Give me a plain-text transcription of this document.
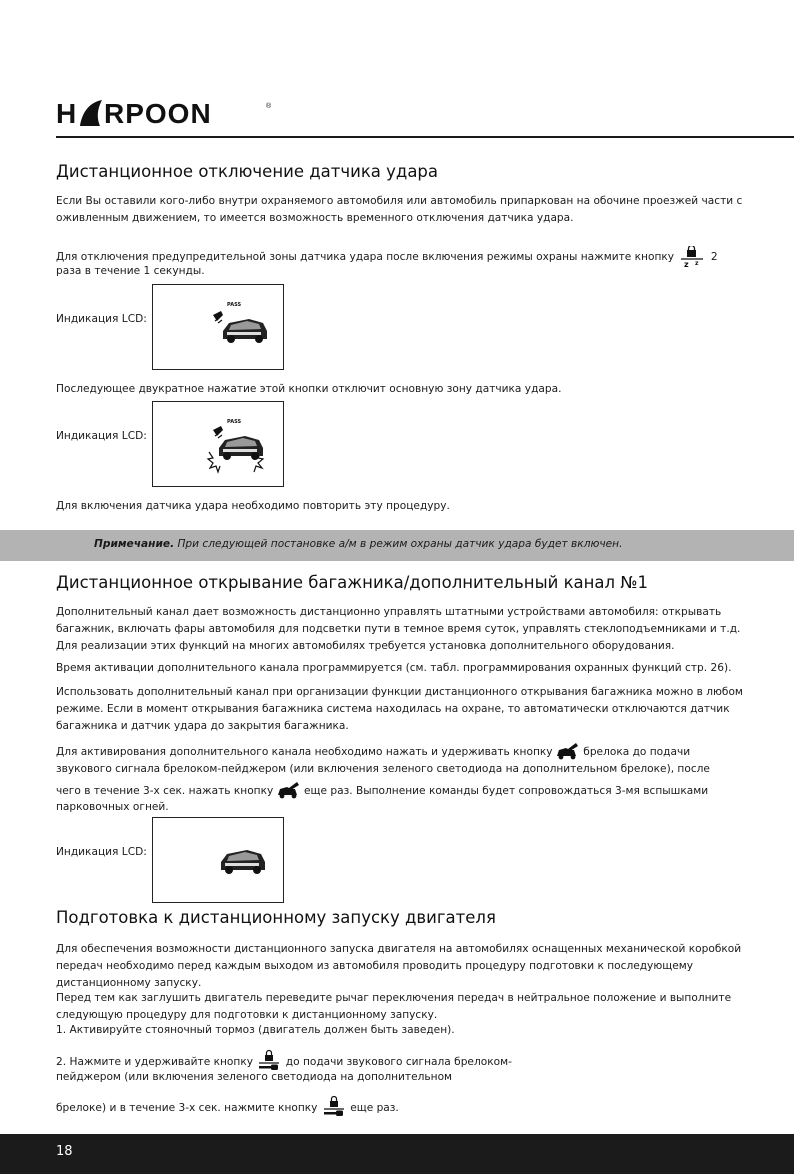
H RPOON	®
Дистанционное отключение датчика удара
Если Вы оставили кого-либо внутри охраняемого автомобиля или автомобиль припаркован на обочине проезжей части с оживленным движением, то имеется возможность временного отключения датчика удара.
Для отключения предупредительной зоны датчика удара после включения режимы охраны нажмите кнопку
z z
2
раза в течение 1 секунды.
Индикация LCD:
PASS
Последующее двукратное нажатие этой кнопки отключит основную зону датчика удара.
Индикация LCD:
PASS
Для включения датчика удара необходимо повторить эту процедуру.
Примечание. При следующей постановке а/м в режим охраны датчик удара будет включен.
Дистанционное открывание багажника/дополнительный канал №1
Дополнительный канал дает возможность дистанционно управлять штатными устройствами автомобиля: открывать багажник, включать фары автомобиля для подсветки пути в темное время суток, управлять стеклоподъемниками и т.д. Для реализации этих функций на многих автомобилях требуется установка дополнительного оборудования.
Время активации дополнительного канала программируется (см. табл. программирования охранных функций стр. 26).
Использовать дополнительный канал при организации функции дистанционного открывания багажника можно в любом режиме. Если в момент открывания багажника система находилась на охране, то автоматически отключаются датчик багажника и датчик удара до закрытия багажника.
Для активирования дополнительного канала необходимо нажать и удерживать кнопку	брелока до подачи
звукового сигнала брелоком-пейджером (или включения зеленого светодиода на дополнительном брелоке), после
чего в течение 3-х сек. нажать кнопку	еще раз. Выполнение команды будет сопровождаться 3-мя вспышками
парковочных огней.
Индикация LCD:
Подготовка к дистанционному запуску двигателя
Для обеспечения возможности дистанционного запуска двигателя на автомобилях оснащенных механической коробкой передач необходимо перед каждым выходом из автомобиля проводить процедуру подготовки к последующему дистанционному запуску.
Перед тем как заглушить двигатель переведите рычаг переключения передач в нейтральное положение и выполните следующую процедуру для подготовки к дистанционному запуску.
1. Активируйте стояночный тормоз (двигатель должен быть заведен).
2. Нажмите и удерживайте кнопку	до подачи звукового сигнала брелоком-
пейджером (или включения зеленого светодиода на дополнительном
брелоке) и в течение 3-х сек. нажмите кнопку	еще раз.
18
